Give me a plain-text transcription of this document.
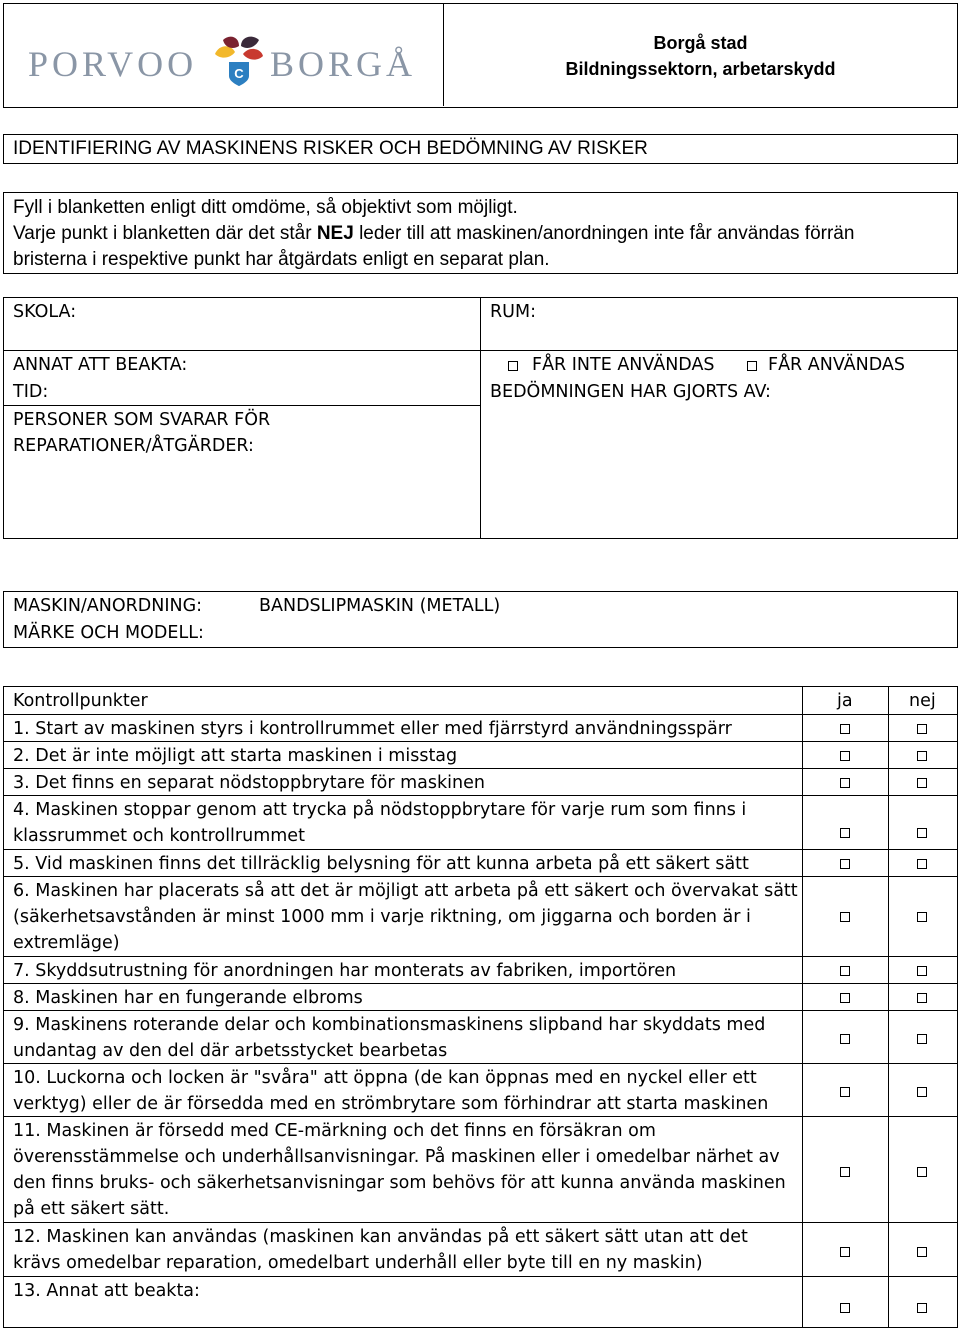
PORVOO	C BORGÅ
Borgå stad
Bildningssektorn, arbetarskydd
IDENTIFIERING AV MASKINENS RISKER OCH BEDÖMNING AV RISKER
Fyll i blanketten enligt ditt omdöme, så objektivt som möjligt.
Varje punkt i blanketten där det står NEJ leder till att maskinen/anordningen inte får användas förrän
bristerna i respektive punkt har åtgärdats enligt en separat plan.
SKOLA:	RUM:
ANNAT ATT BEAKTA:
TID:
PERSONER SOM SVARAR FÖR
REPARATIONER/ÅTGÄRDER:
FÅR INTE ANVÄNDAS	FÅR ANVÄNDAS
BEDÖMNINGEN HAR GJORTS AV:
MASKIN/ANORDNING:	BANDSLIPMASKIN (METALL)
MÄRKE OCH MODELL:
Kontrollpunkter	ja	nej
1. Start av maskinen styrs i kontrollrummet eller med fjärrstyrd användningsspärr
2. Det är inte möjligt att starta maskinen i misstag
3. Det finns en separat nödstoppbrytare för maskinen
4. Maskinen stoppar genom att trycka på nödstoppbrytare för varje rum som finns i klassrummet och kontrollrummet
5. Vid maskinen finns det tillräcklig belysning för att kunna arbeta på ett säkert sätt
6. Maskinen har placerats så att det är möjligt att arbeta på ett säkert och övervakat sätt (säkerhetsavstånden är minst 1000 mm i varje riktning, om jiggarna och borden är i extremläge)
7. Skyddsutrustning för anordningen har monterats av fabriken, importören
8. Maskinen har en fungerande elbroms
9. Maskinens roterande delar och kombinationsmaskinens slipband har skyddats med undantag av den del där arbetsstycket bearbetas
10. Luckorna och locken är "svåra" att öppna (de kan öppnas med en nyckel eller ett verktyg) eller de är försedda med en strömbrytare som förhindrar att starta maskinen
11. Maskinen är försedd med CE-märkning och det finns en försäkran om överensstämmelse och underhållsanvisningar. På maskinen eller i omedelbar närhet av den finns bruks- och säkerhetsanvisningar som behövs för att kunna använda maskinen på ett säkert sätt.
12. Maskinen kan användas (maskinen kan användas på ett säkert sätt utan att det krävs omedelbar reparation, omedelbart underhåll eller byte till en ny maskin)
13. Annat att beakta:
